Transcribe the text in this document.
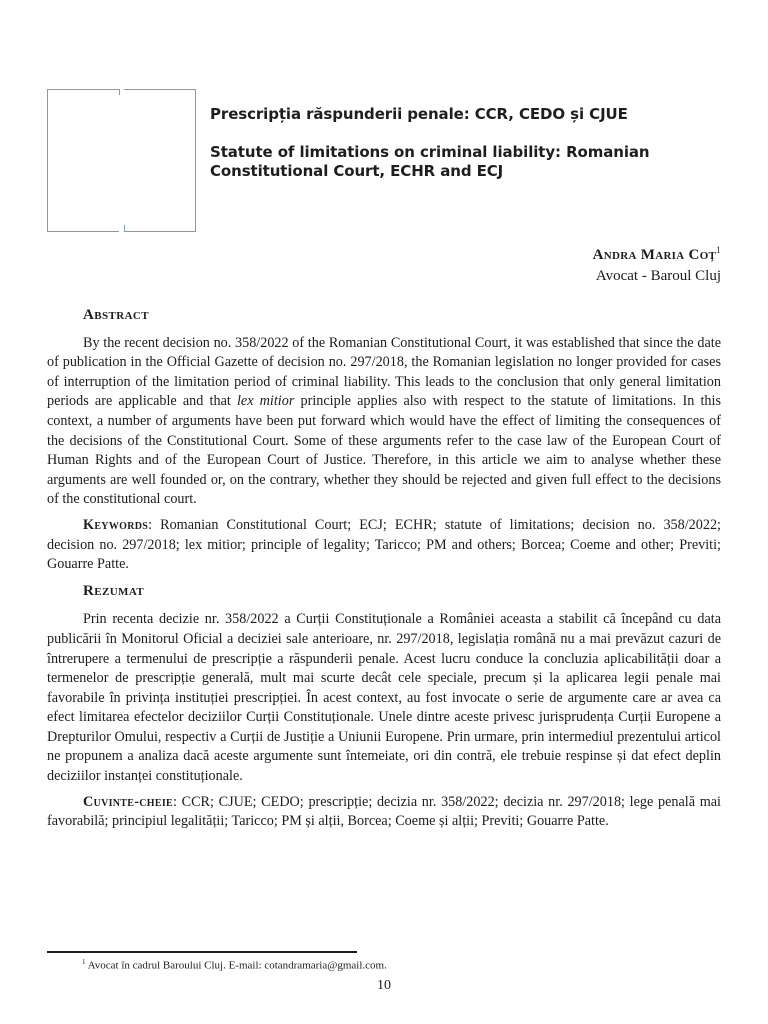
Prescripția răspunderii penale: CCR, CEDO și CJUE
Statute of limitations on criminal liability: Romanian
Constitutional Court, ECHR and ECJ
Andra Maria Coț$^1$
Avocat - Baroul Cluj
Abstract

By the recent decision no. 358/2022 of the Romanian Constitutional Court, it was established that since the date of publication in the Official Gazette of decision no. 297/2018, the Romanian legislation no longer provided for cases of interruption of the limitation period of criminal liability. This leads to the conclusion that only general limitation periods are applicable and that lex mitior principle applies also with respect to the statute of limitations. In this context, a number of arguments have been put forward which would have the effect of limiting the consequences of the decisions of the Constitutional Court. Some of these arguments refer to the case law of the European Court of Human Rights and of the European Court of Justice. Therefore, in this article we aim to analyse whether these arguments are well founded or, on the contrary, whether they should be rejected and given full effect to the decisions of the constitutional court.

Keywords: Romanian Constitutional Court; ECJ; ECHR; statute of limitations; decision no. 358/2022; decision no. 297/2018; lex mitior; principle of legality; Taricco; PM and others; Borcea; Coeme and other; Previti; Gouarre Patte.

Rezumat

Prin recenta decizie nr. 358/2022 a Curții Constituționale a României aceasta a stabilit că începând cu data publicării în Monitorul Oficial a deciziei sale anterioare, nr. 297/2018, legislația română nu a mai prevăzut cazuri de întrerupere a termenului de prescripție a răspunderii penale. Acest lucru conduce la concluzia aplicabilității doar a termenelor de prescripție generală, mult mai scurte decât cele speciale, precum și la aplicarea legii penale mai favorabile în privința instituției prescripției. În acest context, au fost invocate o serie de argumente care ar avea ca efect limitarea efectelor deciziilor Curții Constituționale. Unele dintre aceste privesc jurisprudența Curții Europene a Drepturilor Omului, respectiv a Curții de Justiție a Uniunii Europene. Prin urmare, prin intermediul prezentului articol ne propunem a analiza dacă aceste argumente sunt întemeiate, ori din contră, ele trebuie respinse și dat efect deplin deciziilor instanței constituționale.

Cuvinte-cheie: CCR; CJUE; CEDO; prescripție; decizia nr. 358/2022; decizia nr. 297/2018; lege penală mai favorabilă; principiul legalității; Taricco; PM și alții, Borcea; Coeme și alții; Previti; Gouarre Patte.

$^1$ Avocat în cadrul Baroului Cluj. E-mail: cotandramaria@gmail.com.
10
